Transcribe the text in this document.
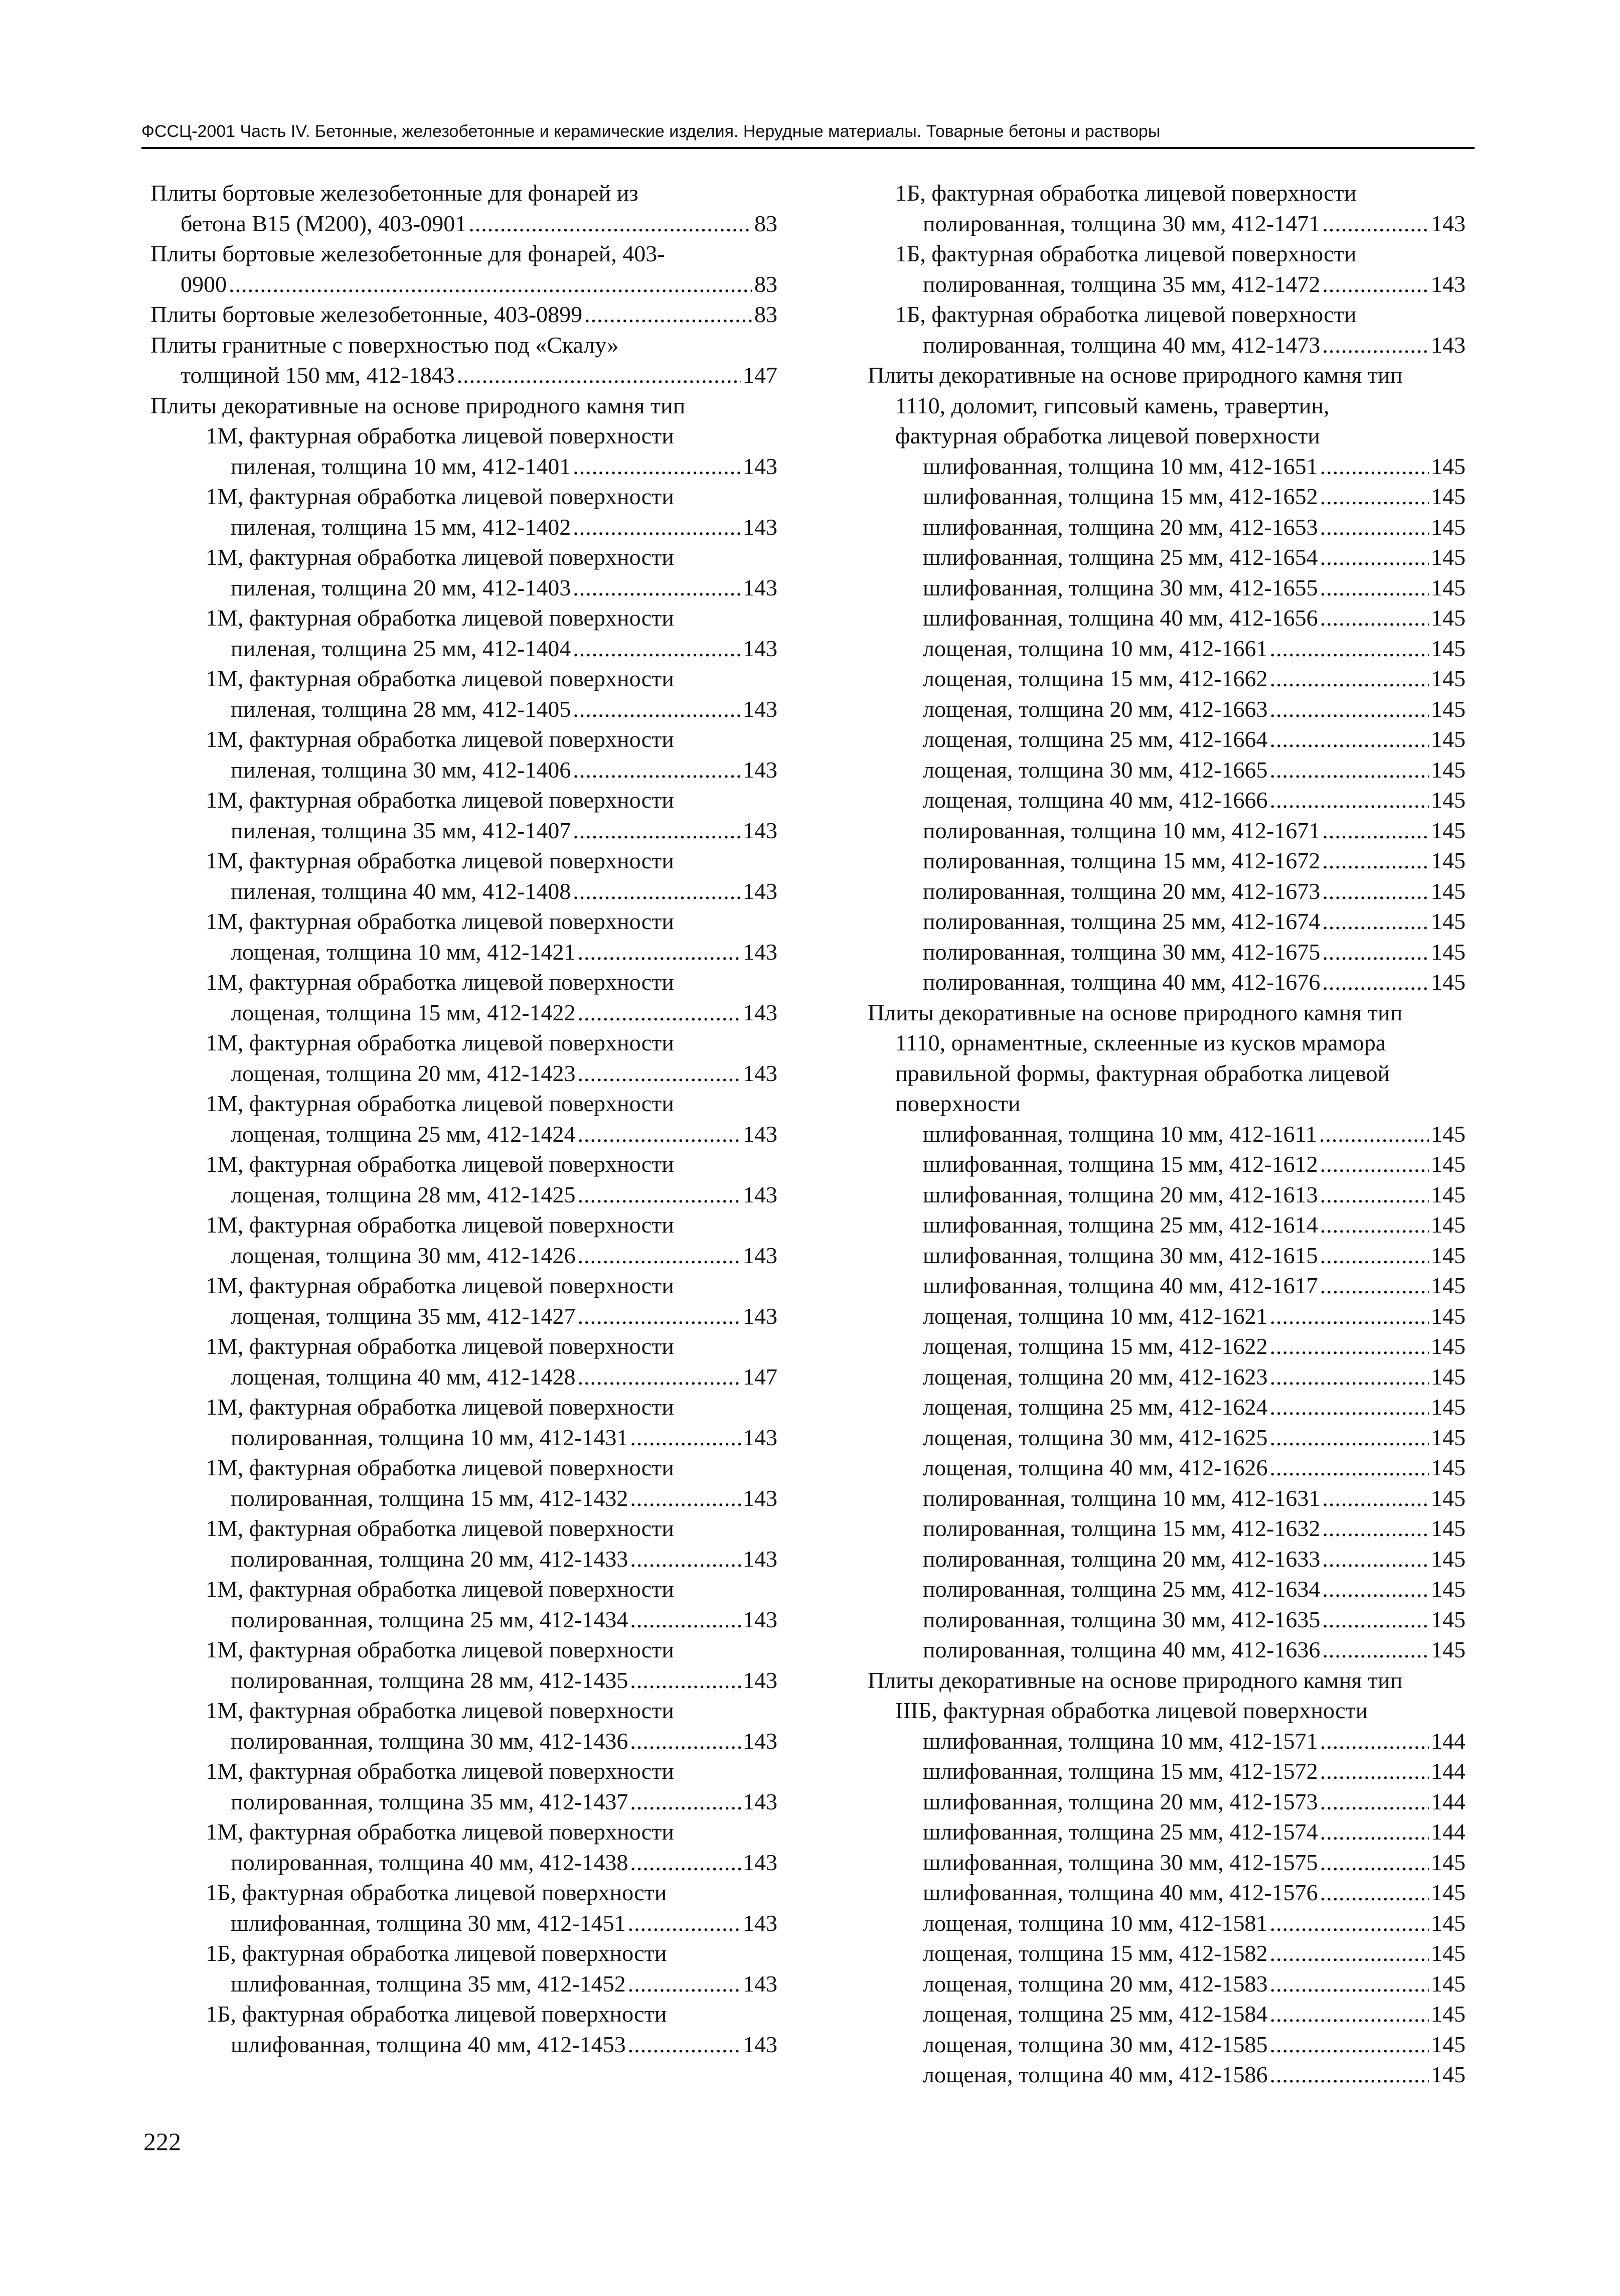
ФССЦ-2001 Часть IV. Бетонные, железобетонные и керамические изделия. Нерудные материалы. Товарные бетоны и растворы
Плиты бортовые железобетонные для фонарей из
бетона В15 (М200), 403-0901 .....	83
Плиты бортовые железобетонные для фонарей, 403-
0900 .....	83
Плиты бортовые железобетонные, 403-0899 .....	83
Плиты гранитные с поверхностью под «Скалу»
толщиной 150 мм, 412-1843 .....	147
Плиты декоративные на основе природного камня тип
1М, фактурная обработка лицевой поверхности
пиленая, толщина 10 мм, 412-1401 .....	143
1М, фактурная обработка лицевой поверхности
пиленая, толщина 15 мм, 412-1402 .....	143
1М, фактурная обработка лицевой поверхности
пиленая, толщина 20 мм, 412-1403 .....	143
1М, фактурная обработка лицевой поверхности
пиленая, толщина 25 мм, 412-1404 .....	143
1М, фактурная обработка лицевой поверхности
пиленая, толщина 28 мм, 412-1405 .....	143
1М, фактурная обработка лицевой поверхности
пиленая, толщина 30 мм, 412-1406 .....	143
1М, фактурная обработка лицевой поверхности
пиленая, толщина 35 мм, 412-1407 .....	143
1М, фактурная обработка лицевой поверхности
пиленая, толщина 40 мм, 412-1408 .....	143
1М, фактурная обработка лицевой поверхности
лощеная, толщина 10 мм, 412-1421 .....	143
1М, фактурная обработка лицевой поверхности
лощеная, толщина 15 мм, 412-1422 .....	143
1М, фактурная обработка лицевой поверхности
лощеная, толщина 20 мм, 412-1423 .....	143
1М, фактурная обработка лицевой поверхности
лощеная, толщина 25 мм, 412-1424 .....	143
1М, фактурная обработка лицевой поверхности
лощеная, толщина 28 мм, 412-1425 .....	143
1М, фактурная обработка лицевой поверхности
лощеная, толщина 30 мм, 412-1426 .....	143
1М, фактурная обработка лицевой поверхности
лощеная, толщина 35 мм, 412-1427 .....	143
1М, фактурная обработка лицевой поверхности
лощеная, толщина 40 мм, 412-1428 .....	147
1М, фактурная обработка лицевой поверхности
полированная, толщина 10 мм, 412-1431 .....	143
1М, фактурная обработка лицевой поверхности
полированная, толщина 15 мм, 412-1432 .....	143
1М, фактурная обработка лицевой поверхности
полированная, толщина 20 мм, 412-1433 .....	143
1М, фактурная обработка лицевой поверхности
полированная, толщина 25 мм, 412-1434 .....	143
1М, фактурная обработка лицевой поверхности
полированная, толщина 28 мм, 412-1435 .....	143
1М, фактурная обработка лицевой поверхности
полированная, толщина 30 мм, 412-1436 .....	143
1М, фактурная обработка лицевой поверхности
полированная, толщина 35 мм, 412-1437 .....	143
1М, фактурная обработка лицевой поверхности
полированная, толщина 40 мм, 412-1438 .....	143
1Б, фактурная обработка лицевой поверхности
шлифованная, толщина 30 мм, 412-1451 .....	143
1Б, фактурная обработка лицевой поверхности
шлифованная, толщина 35 мм, 412-1452 .....	143
1Б, фактурная обработка лицевой поверхности
шлифованная, толщина 40 мм, 412-1453 .....	143
1Б, фактурная обработка лицевой поверхности
полированная, толщина 30 мм, 412-1471 .....	143
1Б, фактурная обработка лицевой поверхности
полированная, толщина 35 мм, 412-1472 .....	143
1Б, фактурная обработка лицевой поверхности
полированная, толщина 40 мм, 412-1473 .....	143
Плиты декоративные на основе природного камня тип
1110, доломит, гипсовый камень, травертин,
фактурная обработка лицевой поверхности
шлифованная, толщина 10 мм, 412-1651 .....	145
шлифованная, толщина 15 мм, 412-1652 .....	145
шлифованная, толщина 20 мм, 412-1653 .....	145
шлифованная, толщина 25 мм, 412-1654 .....	145
шлифованная, толщина 30 мм, 412-1655 .....	145
шлифованная, толщина 40 мм, 412-1656 .....	145
лощеная, толщина 10 мм, 412-1661 .....	145
лощеная, толщина 15 мм, 412-1662 .....	145
лощеная, толщина 20 мм, 412-1663 .....	145
лощеная, толщина 25 мм, 412-1664 .....	145
лощеная, толщина 30 мм, 412-1665 .....	145
лощеная, толщина 40 мм, 412-1666 .....	145
полированная, толщина 10 мм, 412-1671 .....	145
полированная, толщина 15 мм, 412-1672 .....	145
полированная, толщина 20 мм, 412-1673 .....	145
полированная, толщина 25 мм, 412-1674 .....	145
полированная, толщина 30 мм, 412-1675 .....	145
полированная, толщина 40 мм, 412-1676 .....	145
Плиты декоративные на основе природного камня тип
1110, орнаментные, склеенные из кусков мрамора
правильной формы, фактурная обработка лицевой
поверхности
шлифованная, толщина 10 мм, 412-1611 .....	145
шлифованная, толщина 15 мм, 412-1612 .....	145
шлифованная, толщина 20 мм, 412-1613 .....	145
шлифованная, толщина 25 мм, 412-1614 .....	145
шлифованная, толщина 30 мм, 412-1615 .....	145
шлифованная, толщина 40 мм, 412-1617 .....	145
лощеная, толщина 10 мм, 412-1621 .....	145
лощеная, толщина 15 мм, 412-1622 .....	145
лощеная, толщина 20 мм, 412-1623 .....	145
лощеная, толщина 25 мм, 412-1624 .....	145
лощеная, толщина 30 мм, 412-1625 .....	145
лощеная, толщина 40 мм, 412-1626 .....	145
полированная, толщина 10 мм, 412-1631 .....	145
полированная, толщина 15 мм, 412-1632 .....	145
полированная, толщина 20 мм, 412-1633 .....	145
полированная, толщина 25 мм, 412-1634 .....	145
полированная, толщина 30 мм, 412-1635 .....	145
полированная, толщина 40 мм, 412-1636 .....	145
Плиты декоративные на основе природного камня тип
IIIБ, фактурная обработка лицевой поверхности
шлифованная, толщина 10 мм, 412-1571 .....	144
шлифованная, толщина 15 мм, 412-1572 .....	144
шлифованная, толщина 20 мм, 412-1573 .....	144
шлифованная, толщина 25 мм, 412-1574 .....	144
шлифованная, толщина 30 мм, 412-1575 .....	145
шлифованная, толщина 40 мм, 412-1576 .....	145
лощеная, толщина 10 мм, 412-1581 .....	145
лощеная, толщина 15 мм, 412-1582 .....	145
лощеная, толщина 20 мм, 412-1583 .....	145
лощеная, толщина 25 мм, 412-1584 .....	145
лощеная, толщина 30 мм, 412-1585 .....	145
лощеная, толщина 40 мм, 412-1586 .....	145
222
